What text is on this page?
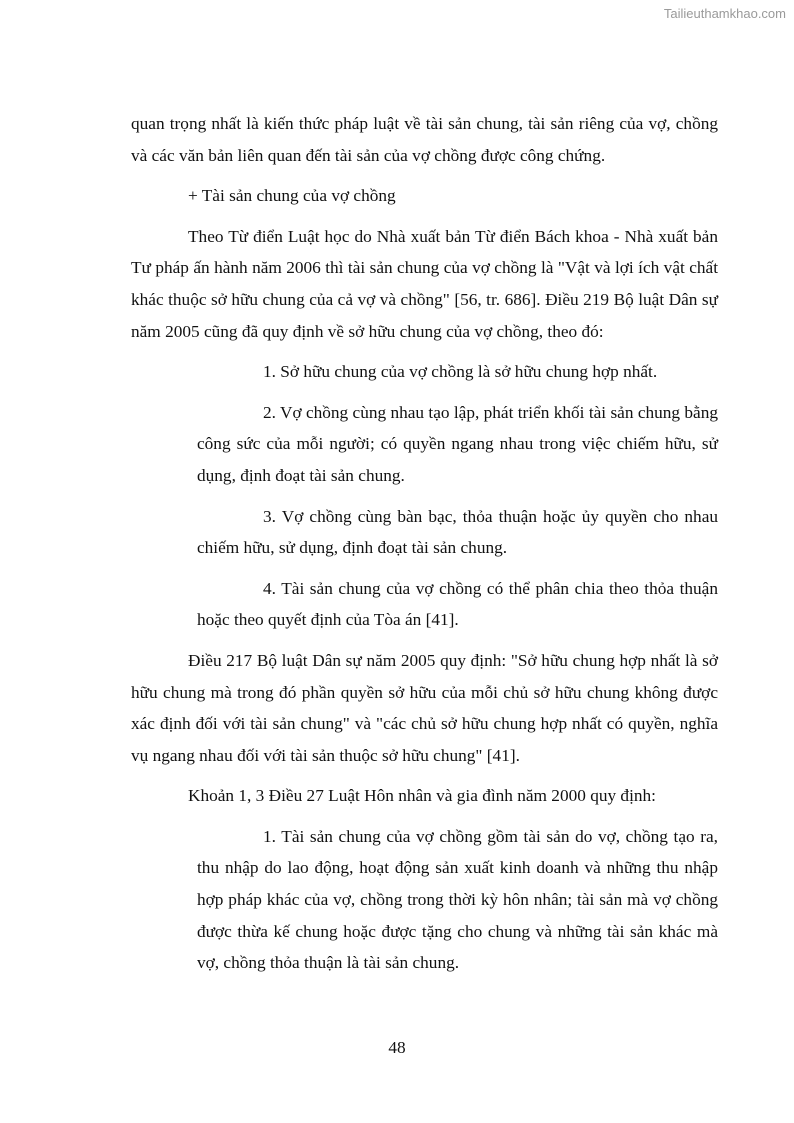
Tailieuthamkhao.com

quan trọng nhất là kiến thức pháp luật về tài sản chung, tài sản riêng của vợ, chồng và các văn bản liên quan đến tài sản của vợ chồng được công chứng.

+ Tài sản chung của vợ chồng

Theo Từ điển Luật học do Nhà xuất bản Từ điển Bách khoa - Nhà xuất bản Tư pháp ấn hành năm 2006 thì tài sản chung của vợ chồng là "Vật và lợi ích vật chất khác thuộc sở hữu chung của cả vợ và chồng" [56, tr. 686]. Điều 219 Bộ luật Dân sự năm 2005 cũng đã quy định về sở hữu chung của vợ chồng, theo đó:

1. Sở hữu chung của vợ chồng là sở hữu chung hợp nhất.

2. Vợ chồng cùng nhau tạo lập, phát triển khối tài sản chung bằng công sức của mỗi người; có quyền ngang nhau trong việc chiếm hữu, sử dụng, định đoạt tài sản chung.

3. Vợ chồng cùng bàn bạc, thỏa thuận hoặc ủy quyền cho nhau chiếm hữu, sử dụng, định đoạt tài sản chung.

4. Tài sản chung của vợ chồng có thể phân chia theo thỏa thuận hoặc theo quyết định của Tòa án [41].

Điều 217 Bộ luật Dân sự năm 2005 quy định: "Sở hữu chung hợp nhất là sở hữu chung mà trong đó phần quyền sở hữu của mỗi chủ sở hữu chung không được xác định đối với tài sản chung" và "các chủ sở hữu chung hợp nhất có quyền, nghĩa vụ ngang nhau đối với tài sản thuộc sở hữu chung" [41].

Khoản 1, 3 Điều 27 Luật Hôn nhân và gia đình năm 2000 quy định:

1. Tài sản chung của vợ chồng gồm tài sản do vợ, chồng tạo ra, thu nhập do lao động, hoạt động sản xuất kinh doanh và những thu nhập hợp pháp khác của vợ, chồng trong thời kỳ hôn nhân; tài sản mà vợ chồng được thừa kế chung hoặc được tặng cho chung và những tài sản khác mà vợ, chồng thỏa thuận là tài sản chung.

48
